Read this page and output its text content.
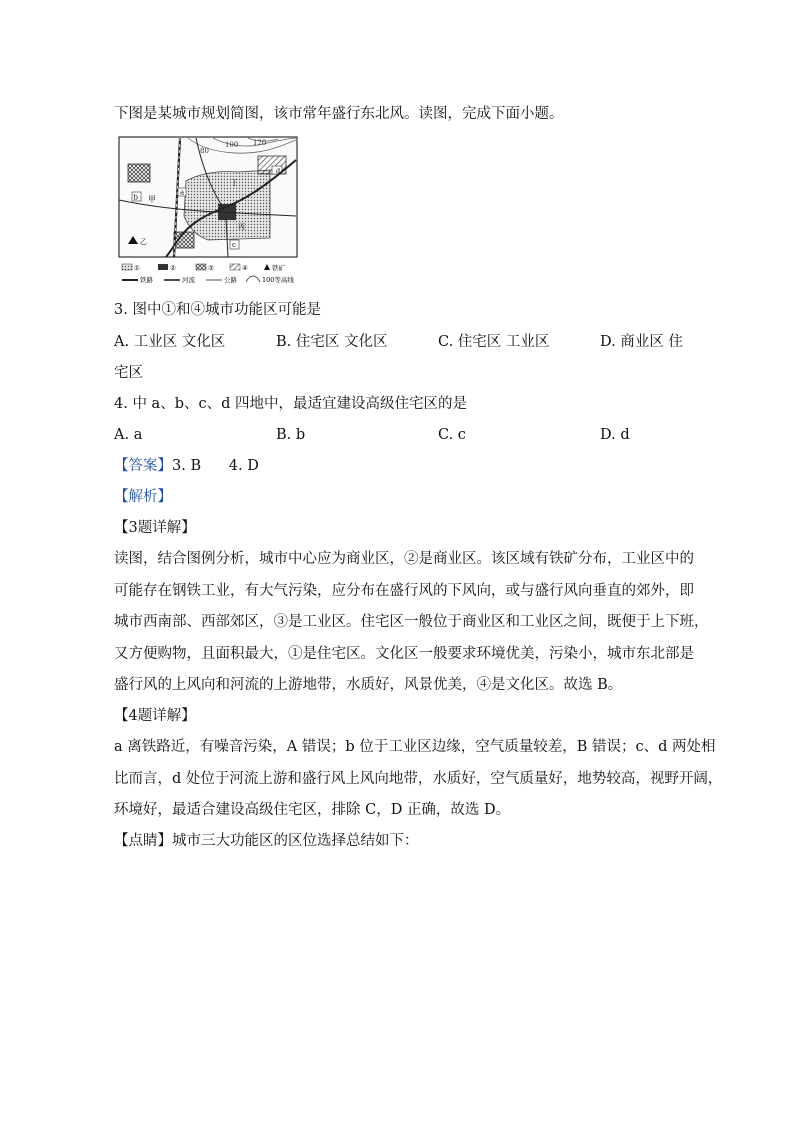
下图是某城市规划简图，该市常年盛行东北风。读图，完成下面小题。
80
100 120
b 甲
丁
d
丙
c
a
乙
①	②	③	④	铁矿
铁路	河流	公路	100等高线
3. 图中①和④城市功能区可能是
A. 工业区 文化区	B. 住宅区 文化区	C. 住宅区 工业区	D. 商业区 住
宅区
4. 中 a、b、c、d 四地中，最适宜建设高级住宅区的是
A. a	B. b	C. c	D. d
【答案】3. B      4. D
【解析】
【3题详解】
读图，结合图例分析，城市中心应为商业区，②是商业区。该区域有铁矿分布，工业区中的
可能存在钢铁工业，有大气污染，应分布在盛行风的下风向，或与盛行风向垂直的郊外，即
城市西南部、西部郊区，③是工业区。住宅区一般位于商业区和工业区之间，既便于上下班，
又方便购物，且面积最大，①是住宅区。文化区一般要求环境优美，污染小，城市东北部是
盛行风的上风向和河流的上游地带，水质好，风景优美，④是文化区。故选 B。
【4题详解】
a 离铁路近，有噪音污染，A 错误；b 位于工业区边缘，空气质量较差，B 错误；c、d 两处相
比而言，d 处位于河流上游和盛行风上风向地带，水质好，空气质量好，地势较高，视野开阔，
环境好，最适合建设高级住宅区，排除 C，D 正确，故选 D。
【点睛】城市三大功能区的区位选择总结如下：
